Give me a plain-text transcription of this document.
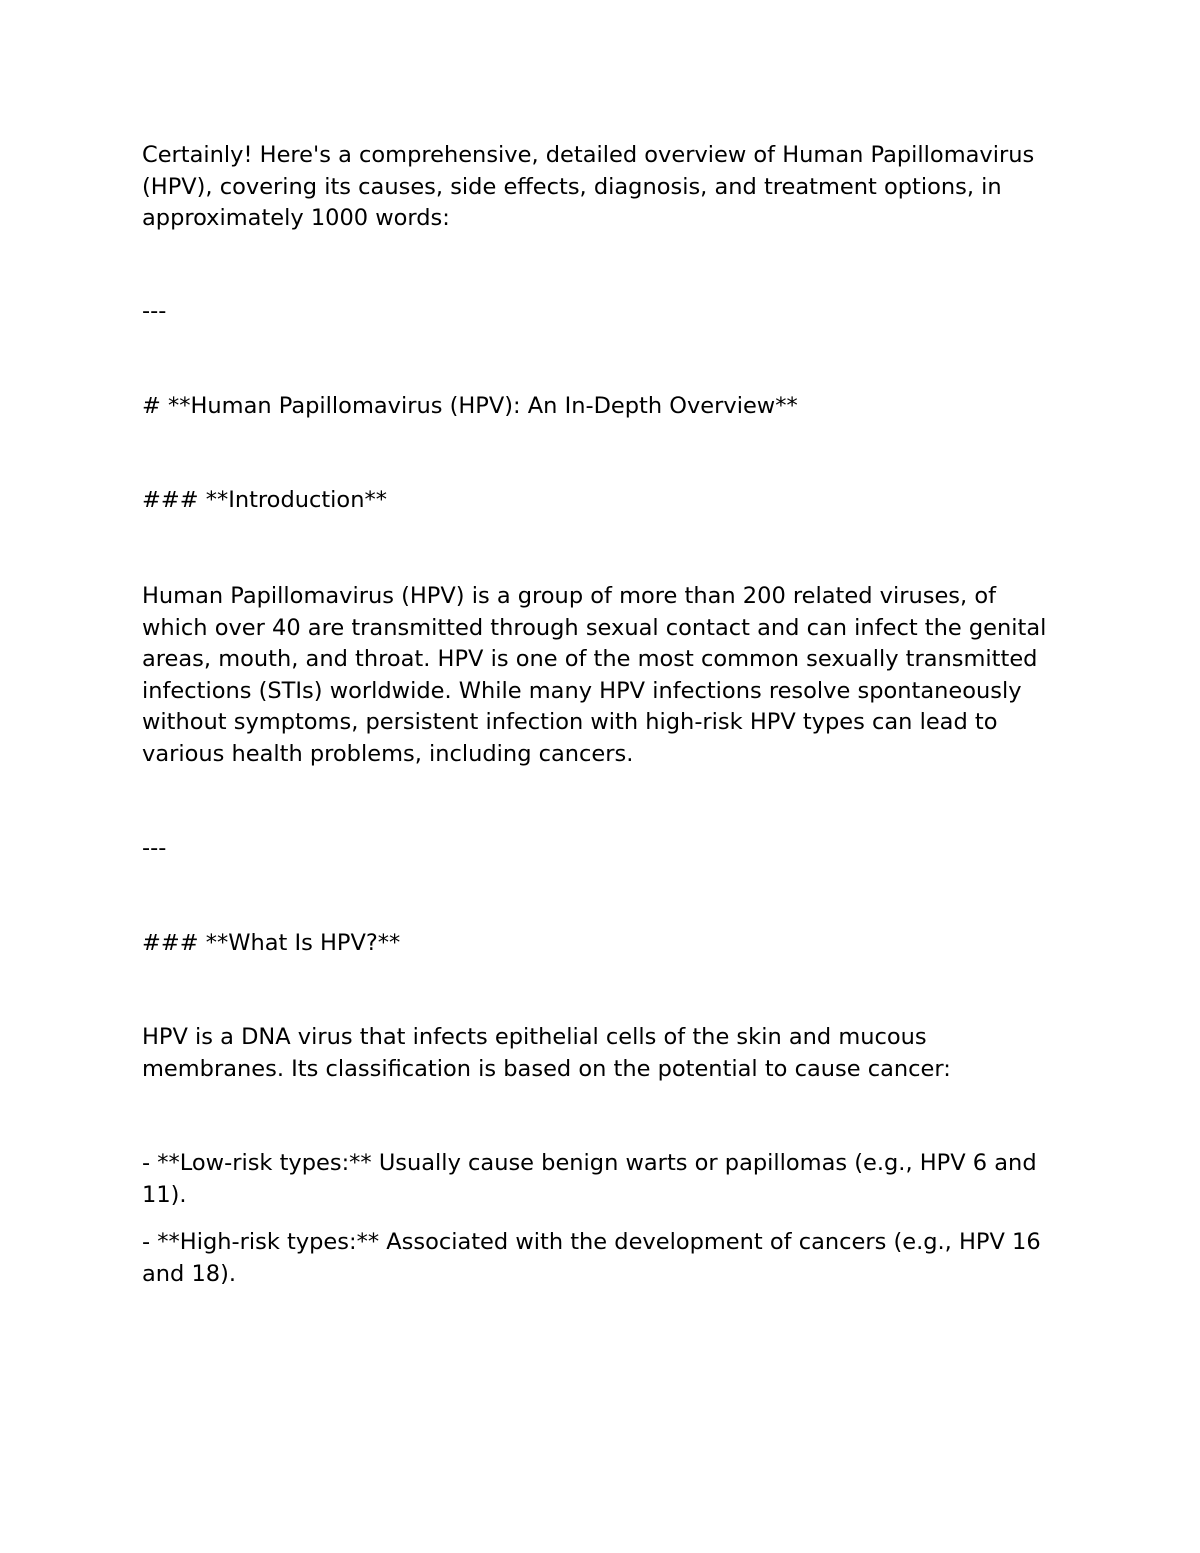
Certainly! Here's a comprehensive, detailed overview of Human Papillomavirus (HPV), covering its causes, side effects, diagnosis, and treatment options, in approximately 1000 words:

---

# **Human Papillomavirus (HPV): An In-Depth Overview**

### **Introduction**

Human Papillomavirus (HPV) is a group of more than 200 related viruses, of which over 40 are transmitted through sexual contact and can infect the genital areas, mouth, and throat. HPV is one of the most common sexually transmitted infections (STIs) worldwide. While many HPV infections resolve spontaneously without symptoms, persistent infection with high-risk HPV types can lead to various health problems, including cancers.

---

### **What Is HPV?**

HPV is a DNA virus that infects epithelial cells of the skin and mucous membranes. Its classification is based on the potential to cause cancer:

- **Low-risk types:** Usually cause benign warts or papillomas (e.g., HPV 6 and 11).

- **High-risk types:** Associated with the development of cancers (e.g., HPV 16 and 18).
